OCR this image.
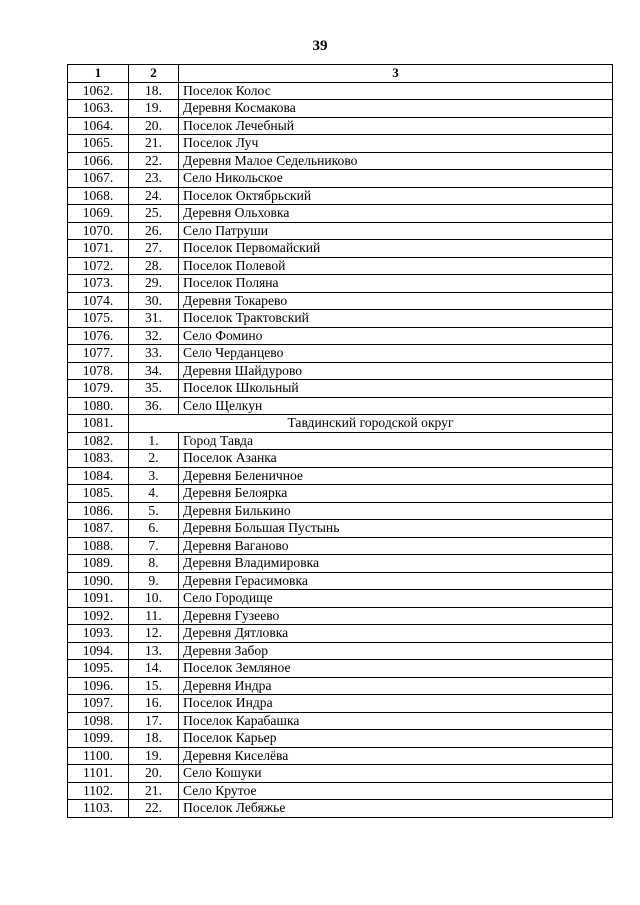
39
1	2	3
1062.	18.	Поселок Колос
1063.	19.	Деревня Космакова
1064.	20.	Поселок Лечебный
1065.	21.	Поселок Луч
1066.	22.	Деревня Малое Седельниково
1067.	23.	Село Никольское
1068.	24.	Поселок Октябрьский
1069.	25.	Деревня Ольховка
1070.	26.	Село Патруши
1071.	27.	Поселок Первомайский
1072.	28.	Поселок Полевой
1073.	29.	Поселок Поляна
1074.	30.	Деревня Токарево
1075.	31.	Поселок Трактовский
1076.	32.	Село Фомино
1077.	33.	Село Черданцево
1078.	34.	Деревня Шайдурово
1079.	35.	Поселок Школьный
1080.	36.	Село Щелкун
1081.	Тавдинский городской округ	
1082.	1.	Город Тавда
1083.	2.	Поселок Азанка
1084.	3.	Деревня Беленичное
1085.	4.	Деревня Белоярка
1086.	5.	Деревня Билькино
1087.	6.	Деревня Большая Пустынь
1088.	7.	Деревня Ваганово
1089.	8.	Деревня Владимировка
1090.	9.	Деревня Герасимовка
1091.	10.	Село Городище
1092.	11.	Деревня Гузеево
1093.	12.	Деревня Дятловка
1094.	13.	Деревня Забор
1095.	14.	Поселок Земляное
1096.	15.	Деревня Индра
1097.	16.	Поселок Индра
1098.	17.	Поселок Карабашка
1099.	18.	Поселок Карьер
1100.	19.	Деревня Киселёва
1101.	20.	Село Кошуки
1102.	21.	Село Крутое
1103.	22.	Поселок Лебяжье
